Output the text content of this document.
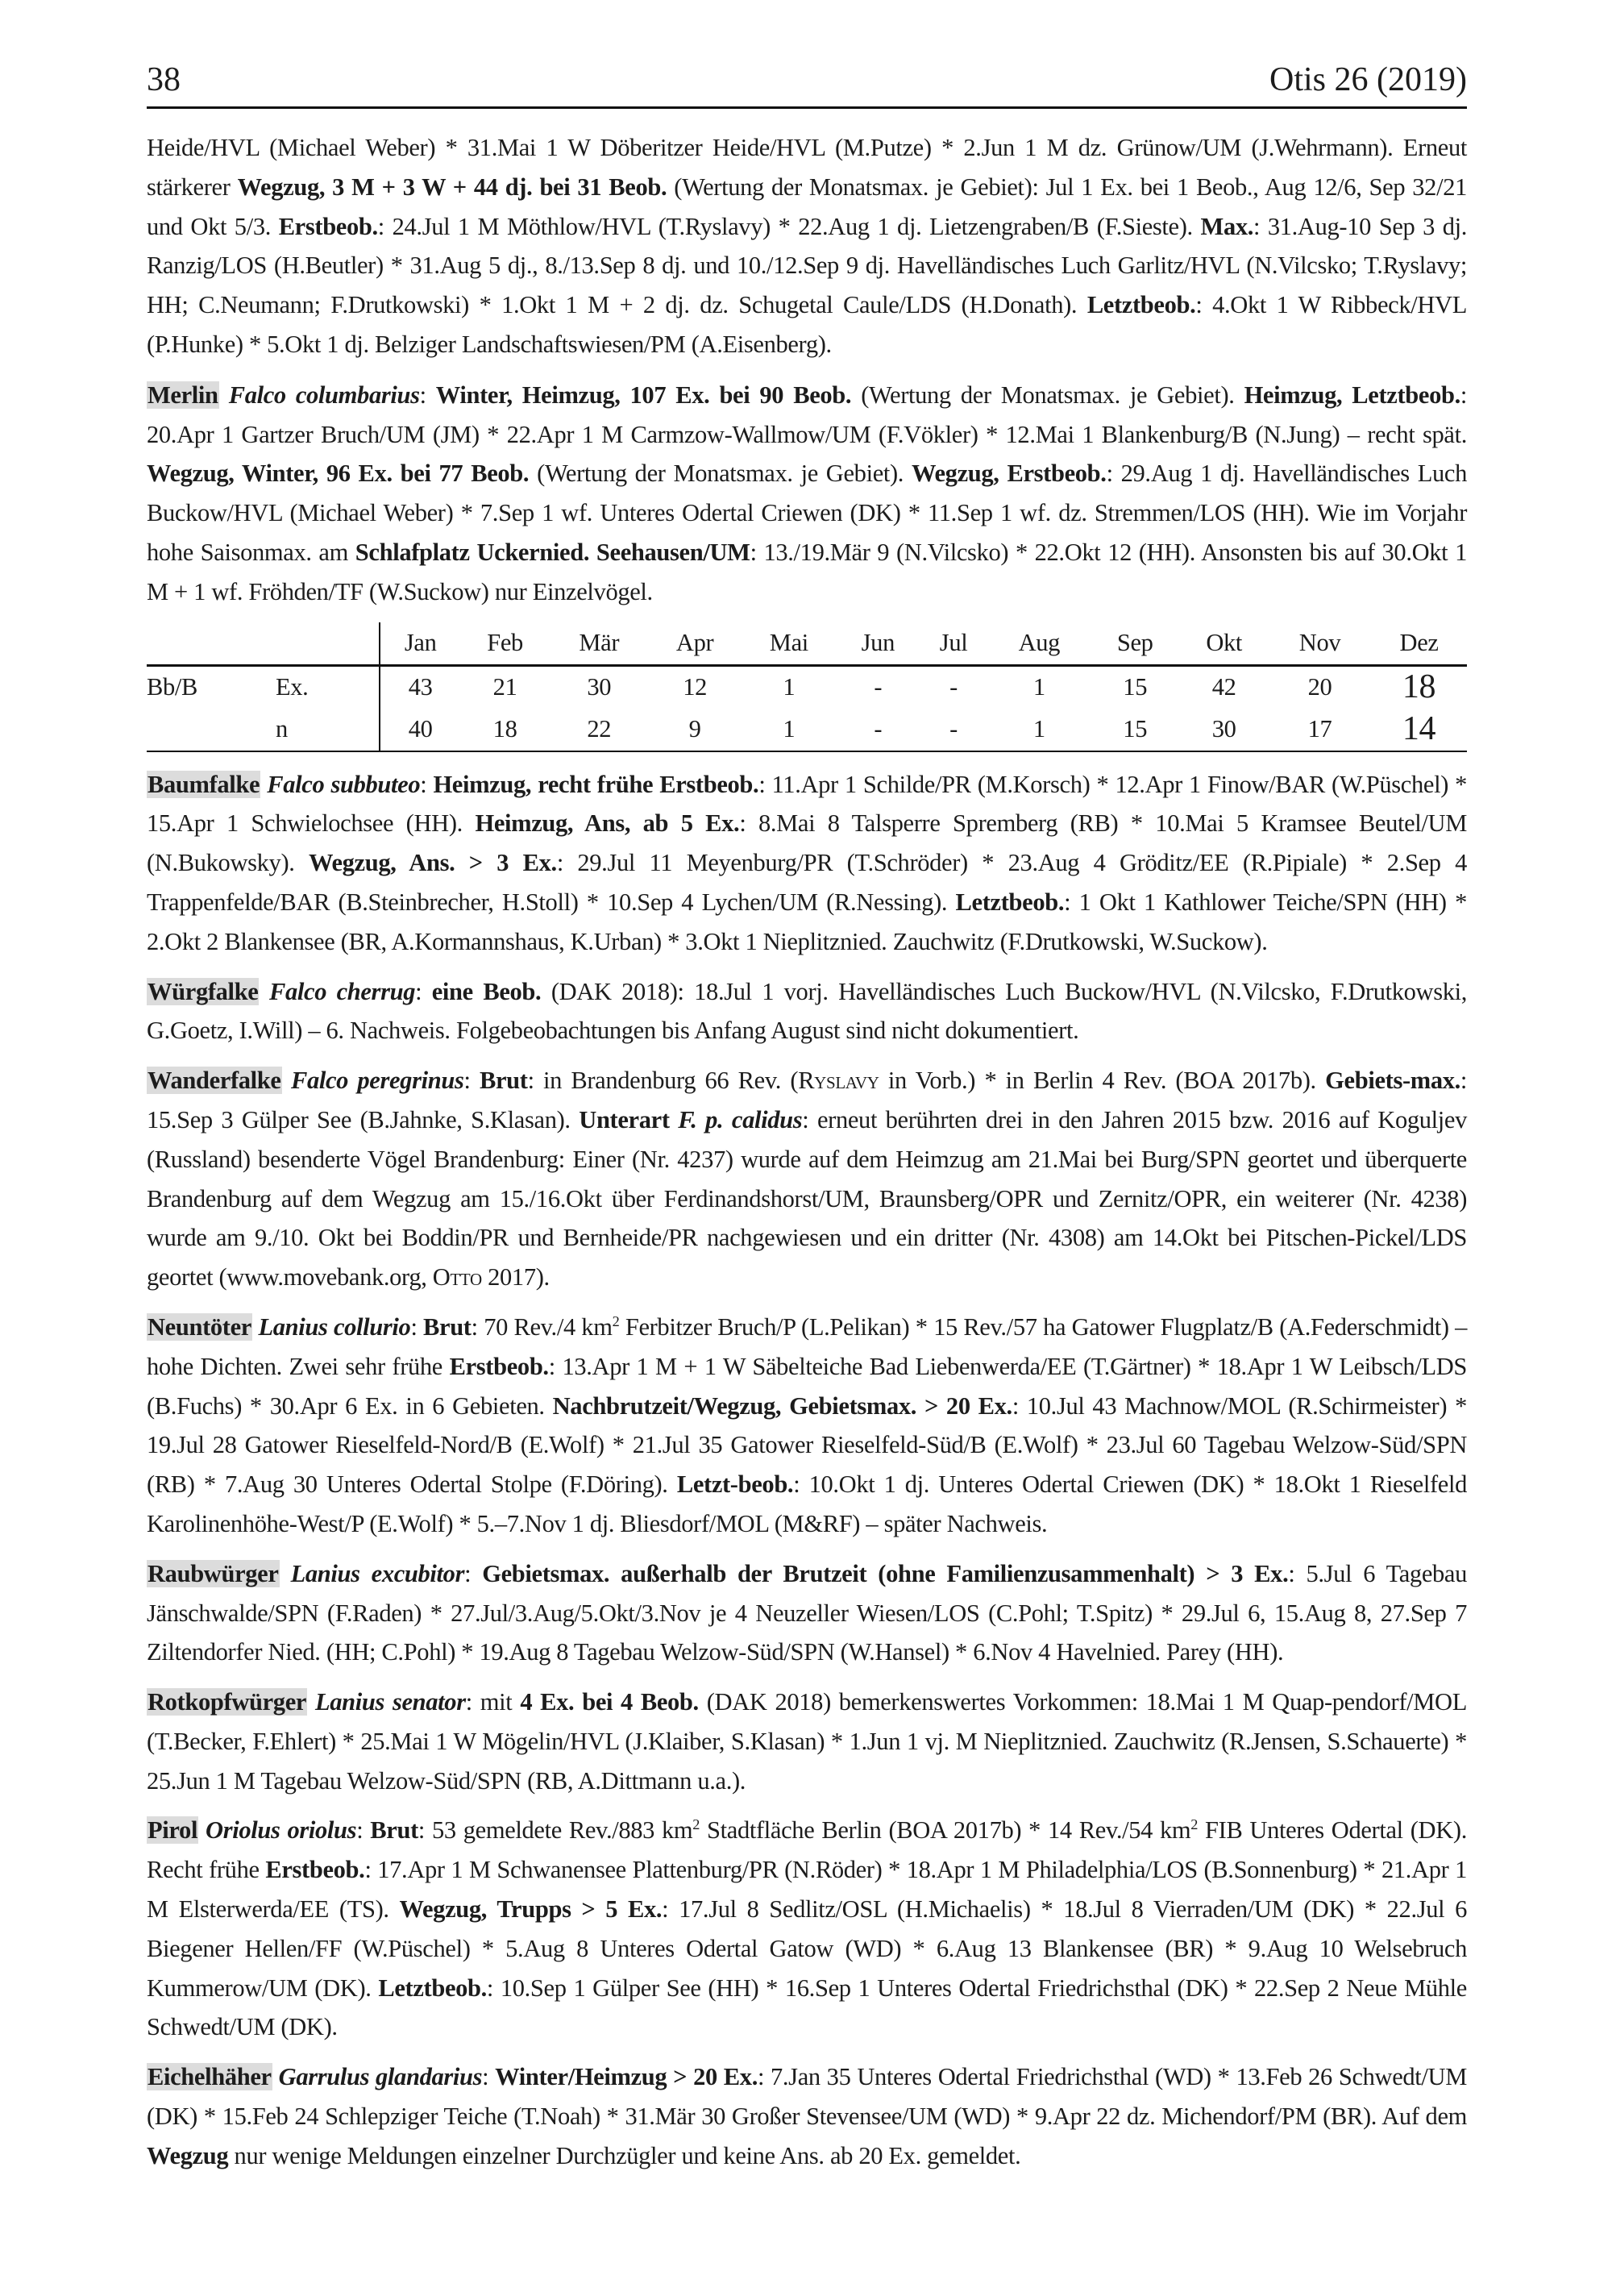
38	Otis 26 (2019)

Heide/HVL (Michael Weber) * 31.Mai 1 W Döberitzer Heide/HVL (M.Putze) * 2.Jun 1 M dz. Grünow/UM (J.Wehrmann). Erneut stärkerer Wegzug, 3 M + 3 W + 44 dj. bei 31 Beob. (Wertung der Monatsmax. je Gebiet): Jul 1 Ex. bei 1 Beob., Aug 12/6, Sep 32/21 und Okt 5/3. Erstbeob.: 24.Jul 1 M Möthlow/HVL (T.Ryslavy) * 22.Aug 1 dj. Lietzengraben/B (F.Sieste). Max.: 31.Aug-10 Sep 3 dj. Ranzig/LOS (H.Beutler) * 31.Aug 5 dj., 8./13.Sep 8 dj. und 10./12.Sep 9 dj. Havelländisches Luch Garlitz/HVL (N.Vilcsko; T.Ryslavy; HH; C.Neumann; F.Drutkowski) * 1.Okt 1 M + 2 dj. dz. Schugetal Caule/LDS (H.Donath). Letztbeob.: 4.Okt 1 W Ribbeck/HVL (P.Hunke) * 5.Okt 1 dj. Belziger Landschaftswiesen/PM (A.Eisenberg).

Merlin Falco columbarius: Winter, Heimzug, 107 Ex. bei 90 Beob. (Wertung der Monatsmax. je Gebiet). Heimzug, Letztbeob.: 20.Apr 1 Gartzer Bruch/UM (JM) * 22.Apr 1 M Carmzow-Wallmow/UM (F.Vökler) * 12.Mai 1 Blankenburg/B (N.Jung) – recht spät. Wegzug, Winter, 96 Ex. bei 77 Beob. (Wertung der Monatsmax. je Gebiet). Wegzug, Erstbeob.: 29.Aug 1 dj. Havelländisches Luch Buckow/HVL (Michael Weber) * 7.Sep 1 wf. Unteres Odertal Criewen (DK) * 11.Sep 1 wf. dz. Stremmen/LOS (HH). Wie im Vorjahr hohe Saisonmax. am Schlafplatz Uckernied. Seehausen/UM: 13./19.Mär 9 (N.Vilcsko) * 22.Okt 12 (HH). Ansonsten bis auf 30.Okt 1 M + 1 wf. Fröhden/TF (W.Suckow) nur Einzelvögel.

		Jan	Feb	Mär	Apr	Mai	Jun	Jul	Aug	Sep	Okt	Nov	Dez
Bb/B	Ex.	43	21	30	12	1	-	-	1	15	42	20	18
	n	40	18	22	9	1	-	-	1	15	30	17	14

Baumfalke Falco subbuteo: Heimzug, recht frühe Erstbeob.: 11.Apr 1 Schilde/PR (M.Korsch) * 12.Apr 1 Finow/BAR (W.Püschel) * 15.Apr 1 Schwielochsee (HH). Heimzug, Ans, ab 5 Ex.: 8.Mai 8 Talsperre Spremberg (RB) * 10.Mai 5 Kramsee Beutel/UM (N.Bukowsky). Wegzug, Ans. > 3 Ex.: 29.Jul 11 Meyenburg/PR (T.Schröder) * 23.Aug 4 Gröditz/EE (R.Pipiale) * 2.Sep 4 Trappenfelde/BAR (B.Steinbrecher, H.Stoll) * 10.Sep 4 Lychen/UM (R.Nessing). Letztbeob.: 1 Okt 1 Kathlower Teiche/SPN (HH) * 2.Okt 2 Blankensee (BR, A.Kormannshaus, K.Urban) * 3.Okt 1 Nieplitznied. Zauchwitz (F.Drutkowski, W.Suckow).

Würgfalke Falco cherrug: eine Beob. (DAK 2018): 18.Jul 1 vorj. Havelländisches Luch Buckow/HVL (N.Vilcsko, F.Drutkowski, G.Goetz, I.Will) – 6. Nachweis. Folgebeobachtungen bis Anfang August sind nicht dokumentiert.

Wanderfalke Falco peregrinus: Brut: in Brandenburg 66 Rev. (Ryslavy in Vorb.) * in Berlin 4 Rev. (BOA 2017b). Gebiets-max.: 15.Sep 3 Gülper See (B.Jahnke, S.Klasan). Unterart F. p. calidus: erneut berührten drei in den Jahren 2015 bzw. 2016 auf Koguljev (Russland) besenderte Vögel Brandenburg: Einer (Nr. 4237) wurde auf dem Heimzug am 21.Mai bei Burg/SPN geortet und überquerte Brandenburg auf dem Wegzug am 15./16.Okt über Ferdinandshorst/UM, Braunsberg/OPR und Zernitz/OPR, ein weiterer (Nr. 4238) wurde am 9./10. Okt bei Boddin/PR und Bernheide/PR nachgewiesen und ein dritter (Nr. 4308) am 14.Okt bei Pitschen-Pickel/LDS geortet (www.movebank.org, Otto 2017).

Neuntöter Lanius collurio: Brut: 70 Rev./4 $km^2$ Ferbitzer Bruch/P (L.Pelikan) * 15 Rev./57 ha Gatower Flugplatz/B (A.Federschmidt) – hohe Dichten. Zwei sehr frühe Erstbeob.: 13.Apr 1 M + 1 W Säbelteiche Bad Liebenwerda/EE (T.Gärtner) * 18.Apr 1 W Leibsch/LDS (B.Fuchs) * 30.Apr 6 Ex. in 6 Gebieten. Nachbrutzeit/Wegzug, Gebietsmax. > 20 Ex.: 10.Jul 43 Machnow/MOL (R.Schirmeister) * 19.Jul 28 Gatower Rieselfeld-Nord/B (E.Wolf) * 21.Jul 35 Gatower Rieselfeld-Süd/B (E.Wolf) * 23.Jul 60 Tagebau Welzow-Süd/SPN (RB) * 7.Aug 30 Unteres Odertal Stolpe (F.Döring). Letzt-beob.: 10.Okt 1 dj. Unteres Odertal Criewen (DK) * 18.Okt 1 Rieselfeld Karolinenhöhe-West/P (E.Wolf) * 5.–7.Nov 1 dj. Bliesdorf/MOL (M&RF) – später Nachweis.

Raubwürger Lanius excubitor: Gebietsmax. außerhalb der Brutzeit (ohne Familienzusammenhalt) > 3 Ex.: 5.Jul 6 Tagebau Jänschwalde/SPN (F.Raden) * 27.Jul/3.Aug/5.Okt/3.Nov je 4 Neuzeller Wiesen/LOS (C.Pohl; T.Spitz) * 29.Jul 6, 15.Aug 8, 27.Sep 7 Ziltendorfer Nied. (HH; C.Pohl) * 19.Aug 8 Tagebau Welzow-Süd/SPN (W.Hansel) * 6.Nov 4 Havelnied. Parey (HH).

Rotkopfwürger Lanius senator: mit 4 Ex. bei 4 Beob. (DAK 2018) bemerkenswertes Vorkommen: 18.Mai 1 M Quap-pendorf/MOL (T.Becker, F.Ehlert) * 25.Mai 1 W Mögelin/HVL (J.Klaiber, S.Klasan) * 1.Jun 1 vj. M Nieplitznied. Zauchwitz (R.Jensen, S.Schauerte) * 25.Jun 1 M Tagebau Welzow-Süd/SPN (RB, A.Dittmann u.a.).

Pirol Oriolus oriolus: Brut: 53 gemeldete Rev./883 $km^2$ Stadtfläche Berlin (BOA 2017b) * 14 Rev./54 $km^2$ FIB Unteres Odertal (DK). Recht frühe Erstbeob.: 17.Apr 1 M Schwanensee Plattenburg/PR (N.Röder) * 18.Apr 1 M Philadelphia/LOS (B.Sonnenburg) * 21.Apr 1 M Elsterwerda/EE (TS). Wegzug, Trupps > 5 Ex.: 17.Jul 8 Sedlitz/OSL (H.Michaelis) * 18.Jul 8 Vierraden/UM (DK) * 22.Jul 6 Biegener Hellen/FF (W.Püschel) * 5.Aug 8 Unteres Odertal Gatow (WD) * 6.Aug 13 Blankensee (BR) * 9.Aug 10 Welsebruch Kummerow/UM (DK). Letztbeob.: 10.Sep 1 Gülper See (HH) * 16.Sep 1 Unteres Odertal Friedrichsthal (DK) * 22.Sep 2 Neue Mühle Schwedt/UM (DK).

Eichelhäher Garrulus glandarius: Winter/Heimzug > 20 Ex.: 7.Jan 35 Unteres Odertal Friedrichsthal (WD) * 13.Feb 26 Schwedt/UM (DK) * 15.Feb 24 Schlepziger Teiche (T.Noah) * 31.Mär 30 Großer Stevensee/UM (WD) * 9.Apr 22 dz. Michendorf/PM (BR). Auf dem Wegzug nur wenige Meldungen einzelner Durchzügler und keine Ans. ab 20 Ex. gemeldet.
